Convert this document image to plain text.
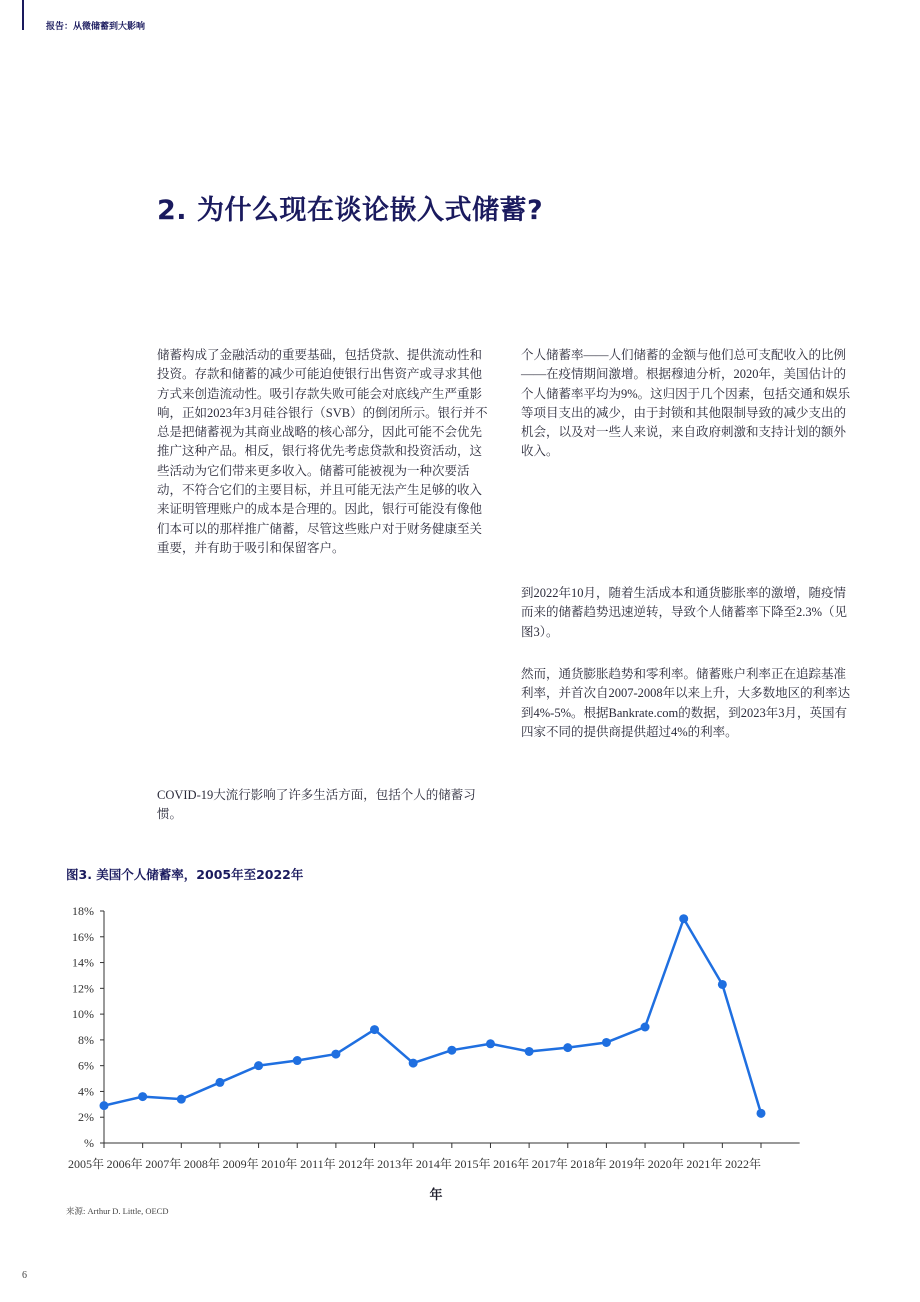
报告：从微储蓄到大影响
2. 为什么现在谈论嵌入式储蓄?

储蓄构成了金融活动的重要基础，包括贷款、提供流动性和投资。存款和储蓄的减少可能迫使银行出售资产或寻求其他方式来创造流动性。吸引存款失败可能会对底线产生严重影响，正如2023年3月硅谷银行（SVB）的倒闭所示。银行并不总是把储蓄视为其商业战略的核心部分，因此可能不会优先推广这种产品。相反，银行将优先考虑贷款和投资活动，这些活动为它们带来更多收入。储蓄可能被视为一种次要活动，不符合它们的主要目标，并且可能无法产生足够的收入来证明管理账户的成本是合理的。因此，银行可能没有像他们本可以的那样推广储蓄，尽管这些账户对于财务健康至关重要，并有助于吸引和保留客户。

COVID-19大流行影响了许多生活方面，包括个人的储蓄习惯。

个人储蓄率——人们储蓄的金额与他们总可支配收入的比例——在疫情期间激增。根据穆迪分析，2020年，美国估计的个人储蓄率平均为9%。这归因于几个因素，包括交通和娱乐等项目支出的减少，由于封锁和其他限制导致的减少支出的机会，以及对一些人来说，来自政府刺激和支持计划的额外收入。

到2022年10月，随着生活成本和通货膨胀率的激增，随疫情而来的储蓄趋势迅速逆转，导致个人储蓄率下降至2.3%（见图3）。

然而，通货膨胀趋势和零利率。储蓄账户利率正在追踪基准利率，并首次自2007-2008年以来上升，大多数地区的利率达到4%-5%。根据Bankrate.com的数据，到2023年3月，英国有四家不同的提供商提供超过4%的利率。

图3. 美国个人储蓄率，2005年至2022年
%
2%
4%
6%
8%
10%
12%
14%
16%
18%
2005年 2006年 2007年 2008年 2009年 2010年 2011年 2012年 2013年 2014年 2015年 2016年 2017年 2018年 2019年 2020年 2021年 2022年
年
来源: Arthur D. Little, OECD
6
